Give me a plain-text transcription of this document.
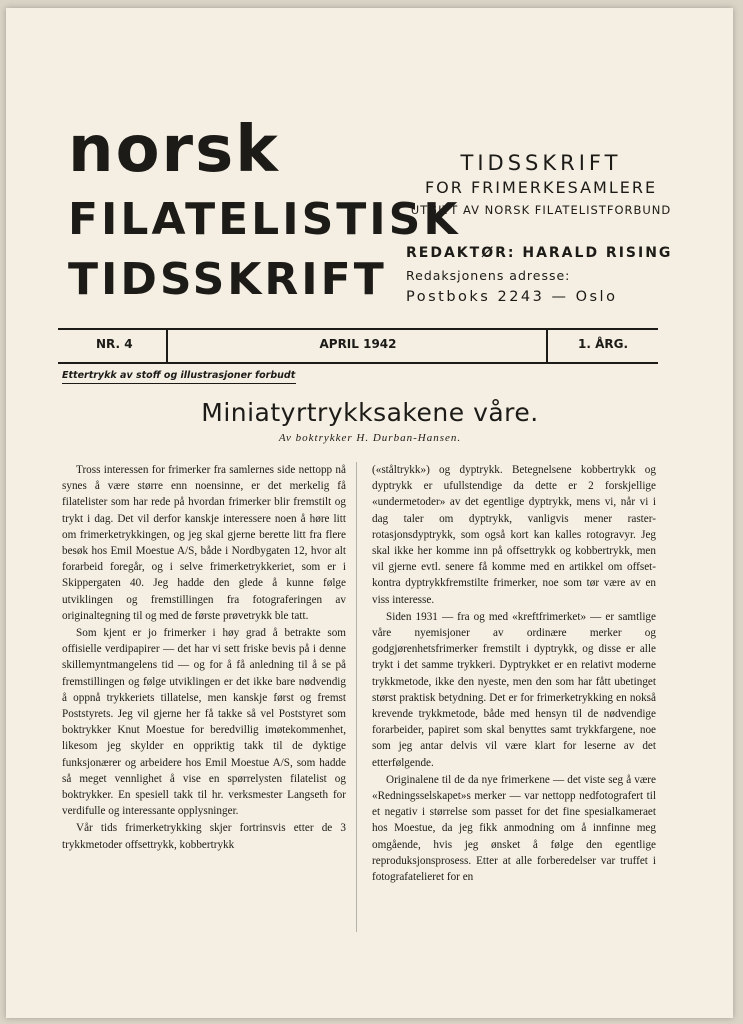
norsk
FILATELISTISK
TIDSSKRIFT
TIDSSKRIFT
FOR FRIMERKESAMLERE
UTGITT AV NORSK FILATELISTFORBUND
REDAKTØR: HARALD RISING
Redaksjonens adresse:
Postboks 2243 — Oslo
NR. 4	APRIL 1942	1. ÅRG.
Ettertrykk av stoff og illustrasjoner forbudt
Miniatyrtrykksakene våre.
Av boktrykker H. Durban-Hansen.

Tross interessen for frimerker fra samlernes side nettopp nå synes å være større enn noensinne, er det merkelig få filatelister som har rede på hvordan frimerker blir fremstilt og trykt i dag. Det vil derfor kanskje interessere noen å høre litt om frimerketrykkingen, og jeg skal gjerne berette litt fra flere besøk hos Emil Moestue A/S, både i Nordbygaten 12, hvor alt forarbeid foregår, og i selve frimerketrykkeriet, som er i Skippergaten 40. Jeg hadde den glede å kunne følge utviklingen og fremstillingen fra fotograferingen av originaltegning til og med de første prøvetrykk ble tatt.

Som kjent er jo frimerker i høy grad å betrakte som offisielle verdipapirer — det har vi sett friske bevis på i denne skillemyntmangelens tid — og for å få anledning til å se på fremstillingen og følge utviklingen er det ikke bare nødvendig å oppnå trykkeriets tillatelse, men kanskje først og fremst Poststyrets. Jeg vil gjerne her få takke så vel Poststyret som boktrykker Knut Moestue for beredvillig imøtekommenhet, likesom jeg skylder en oppriktig takk til de dyktige funksjonærer og arbeidere hos Emil Moestue A/S, som hadde så meget vennlighet å vise en spørrelysten filatelist og boktrykker. En spesiell takk til hr. verksmester Langseth for verdifulle og interessante opplysninger.

Vår tids frimerketrykking skjer fortrinsvis etter de 3 trykkmetoder offsettrykk, kobbertrykk

(«ståltrykk») og dyptrykk. Betegnelsene kobbertrykk og dyptrykk er ufullstendige da dette er 2 forskjellige «undermetoder» av det egentlige dyptrykk, mens vi, når vi i dag taler om dyptrykk, vanligvis mener raster-rotasjonsdyptrykk, som også kort kan kalles rotogravyr. Jeg skal ikke her komme inn på offsettrykk og kobbertrykk, men vil gjerne evtl. senere få komme med en artikkel om offset- kontra dyptrykkfremstilte frimerker, noe som tør være av en viss interesse.

Siden 1931 — fra og med «kreftfrimerket» — er samtlige våre nyemisjoner av ordinære merker og godgjørenhetsfrimerker fremstilt i dyptrykk, og disse er alle trykt i det samme trykkeri. Dyptrykket er en relativt moderne trykkmetode, ikke den nyeste, men den som har fått ubetinget størst praktisk betydning. Det er for frimerketrykking en nokså krevende trykkmetode, både med hensyn til de nødvendige forarbeider, papiret som skal benyttes samt trykkfargene, noe som jeg antar delvis vil være klart for leserne av det etterfølgende.

Originalene til de da nye frimerkene — det viste seg å være «Redningsselskapet»s merker — var nettopp nedfotografert til et negativ i størrelse som passet for det fine spesialkameraet hos Moestue, da jeg fikk anmodning om å innfinne meg omgående, hvis jeg ønsket å følge den egentlige reproduksjonsprosess. Etter at alle forberedelser var truffet i fotografatelieret for en
